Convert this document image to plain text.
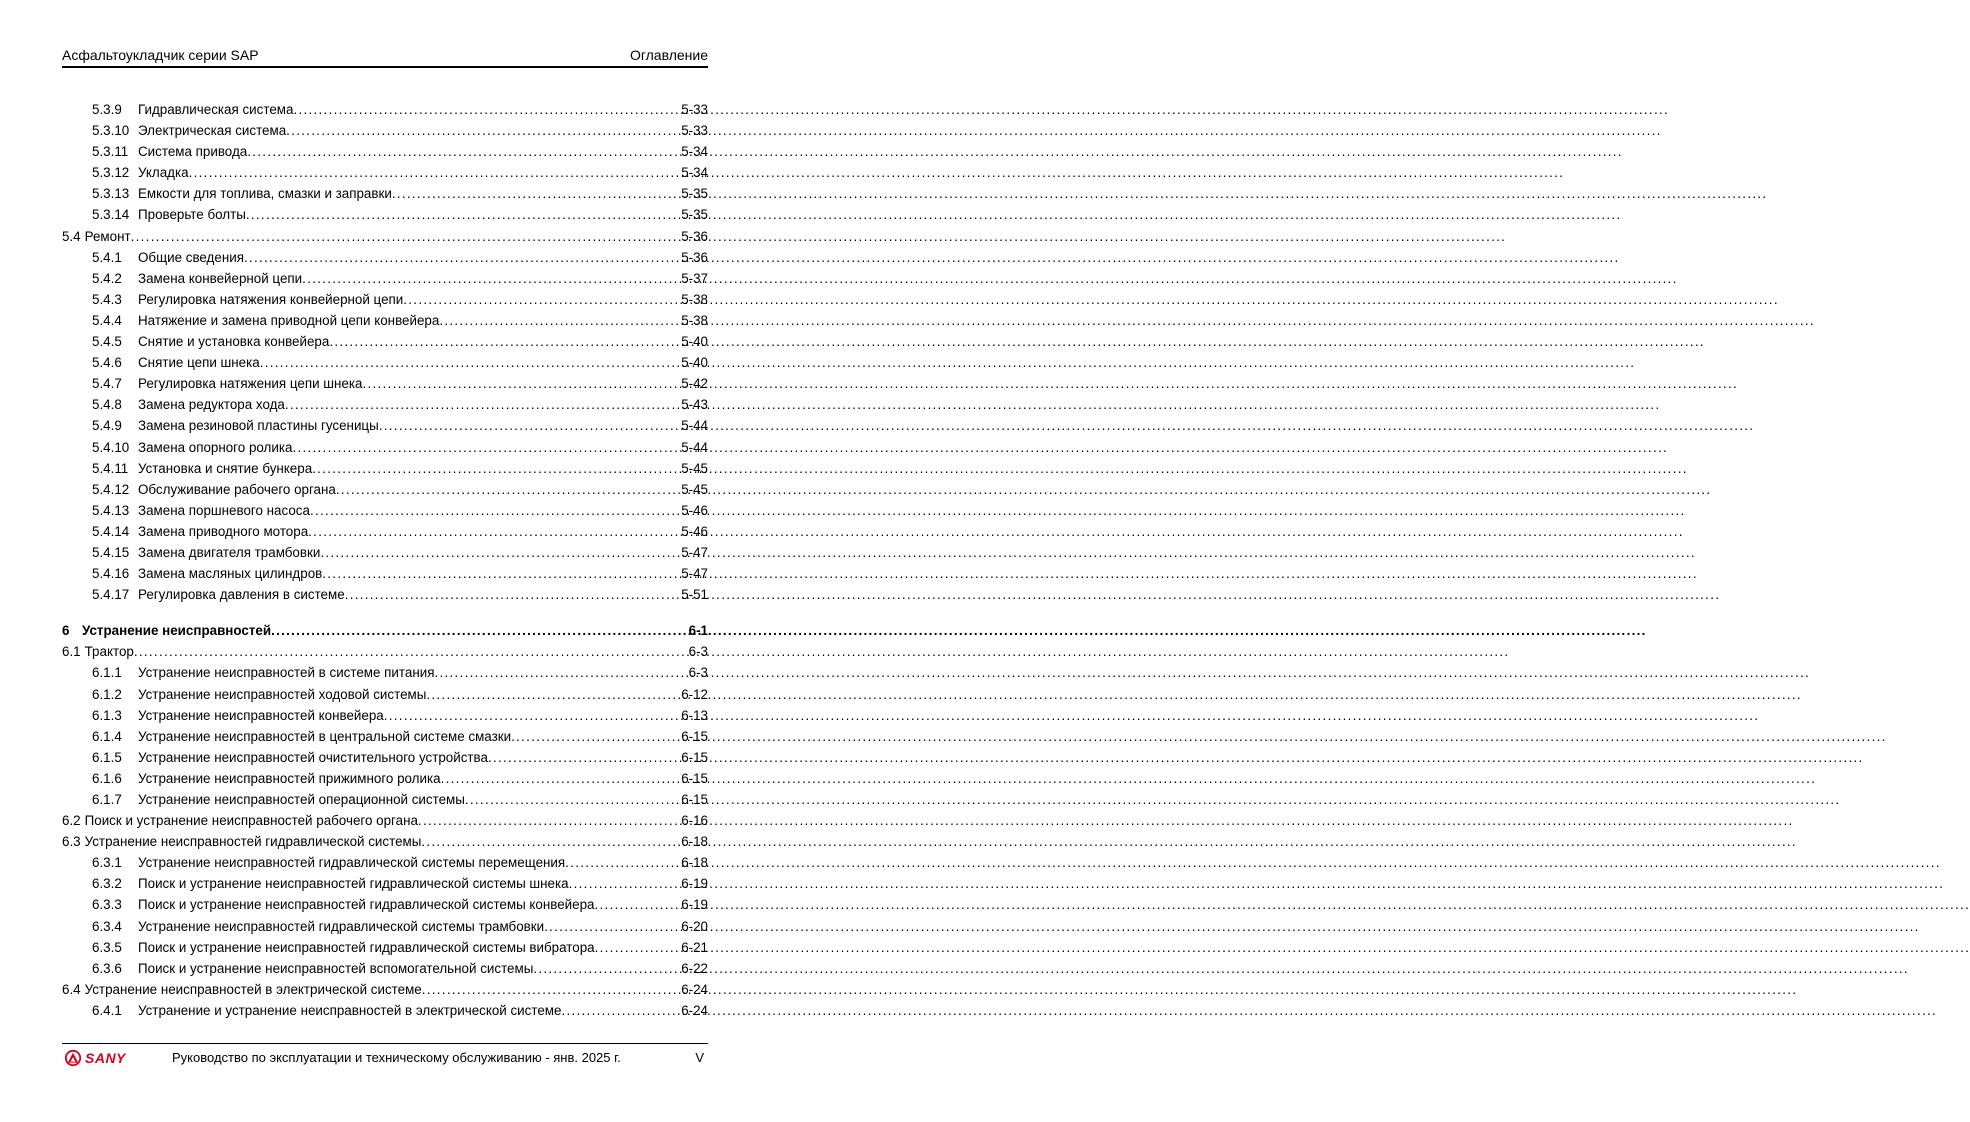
Асфальтоукладчик серии SAP	Оглавление
5.3.9	Гидравлическая система .....	5-33
5.3.10 Электрическая система .....	5-33
5.3.11 Система привода .....	5-34
5.3.12 Укладка .....	5-34
5.3.13 Емкости для топлива, смазки и заправки .....	5-35
5.3.14 Проверьте болты .....	5-35
5.4 Ремонт .....	5-36
5.4.1	Общие сведения .....	5-36
5.4.2	Замена конвейерной цепи .....	5-37
5.4.3	Регулировка натяжения конвейерной цепи .....	5-38
5.4.4	Натяжение и замена приводной цепи конвейера .....	5-38
5.4.5	Снятие и установка конвейера .....	5-40
5.4.6	Снятие цепи шнека .....	5-40
5.4.7	Регулировка натяжения цепи шнека .....	5-42
5.4.8	Замена редуктора хода .....	5-43
5.4.9	Замена резиновой пластины гусеницы .....	5-44
5.4.10 Замена опорного ролика .....	5-44
5.4.11 Установка и снятие бункера .....	5-45
5.4.12 Обслуживание рабочего органа .....	5-45
5.4.13 Замена поршневого насоса .....	5-46
5.4.14 Замена приводного мотора .....	5-46
5.4.15 Замена двигателя трамбовки .....	5-47
5.4.16 Замена масляных цилиндров .....	5-47
5.4.17 Регулировка давления в системе .....	5-51
6 Устранение неисправностей .....	6-1
6.1 Трактор .....	6-3
6.1.1	Устранение неисправностей в системе питания .....	6-3
6.1.2	Устранение неисправностей ходовой системы .....	6-12
6.1.3	Устранение неисправностей конвейера .....	6-13
6.1.4	Устранение неисправностей в центральной системе смазки .....	6-15
6.1.5	Устранение неисправностей очистительного устройства .....	6-15
6.1.6	Устранение неисправностей прижимного ролика .....	6-15
6.1.7	Устранение неисправностей операционной системы .....	6-15
6.2 Поиск и устранение неисправностей рабочего органа .....	6-16
6.3 Устранение неисправностей гидравлической системы .....	6-18
6.3.1	Устранение неисправностей гидравлической системы перемещения .....	6-18
6.3.2	Поиск и устранение неисправностей гидравлической системы шнека .....	6-19
6.3.3	Поиск и устранение неисправностей гидравлической системы конвейера .....	6-19
6.3.4	Устранение неисправностей гидравлической системы трамбовки .....	6-20
6.3.5	Поиск и устранение неисправностей гидравлической системы вибратора .....	6-21
6.3.6	Поиск и устранение неисправностей вспомогательной системы .....	6-22
6.4 Устранение неисправностей в электрической системе .....	6-24
6.4.1	Устранение и устранение неисправностей в электрической системе .....	6-24
SANY	Руководство по эксплуатации и техническому обслуживанию - янв. 2025 г.	V
